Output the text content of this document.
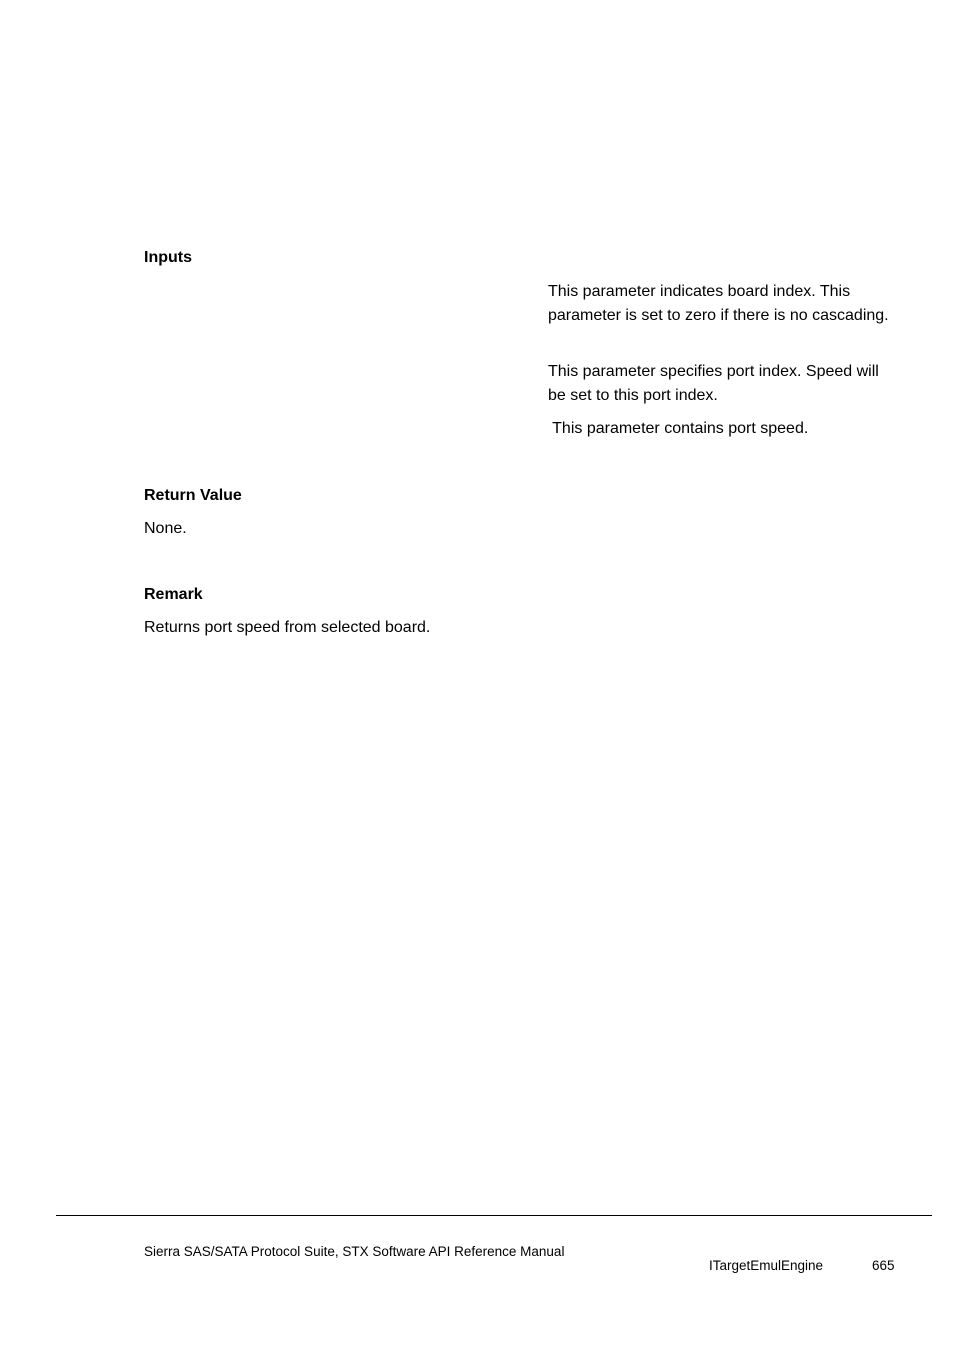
Inputs

This parameter indicates board index. This parameter is set to zero if there is no cascading.

This parameter specifies port index. Speed will be set to this port index.

This parameter contains port speed.

Return Value

None.

Remark

Returns port speed from selected board.

Sierra SAS/SATA Protocol Suite, STX Software API Reference Manual
ITargetEmulEngine	665
